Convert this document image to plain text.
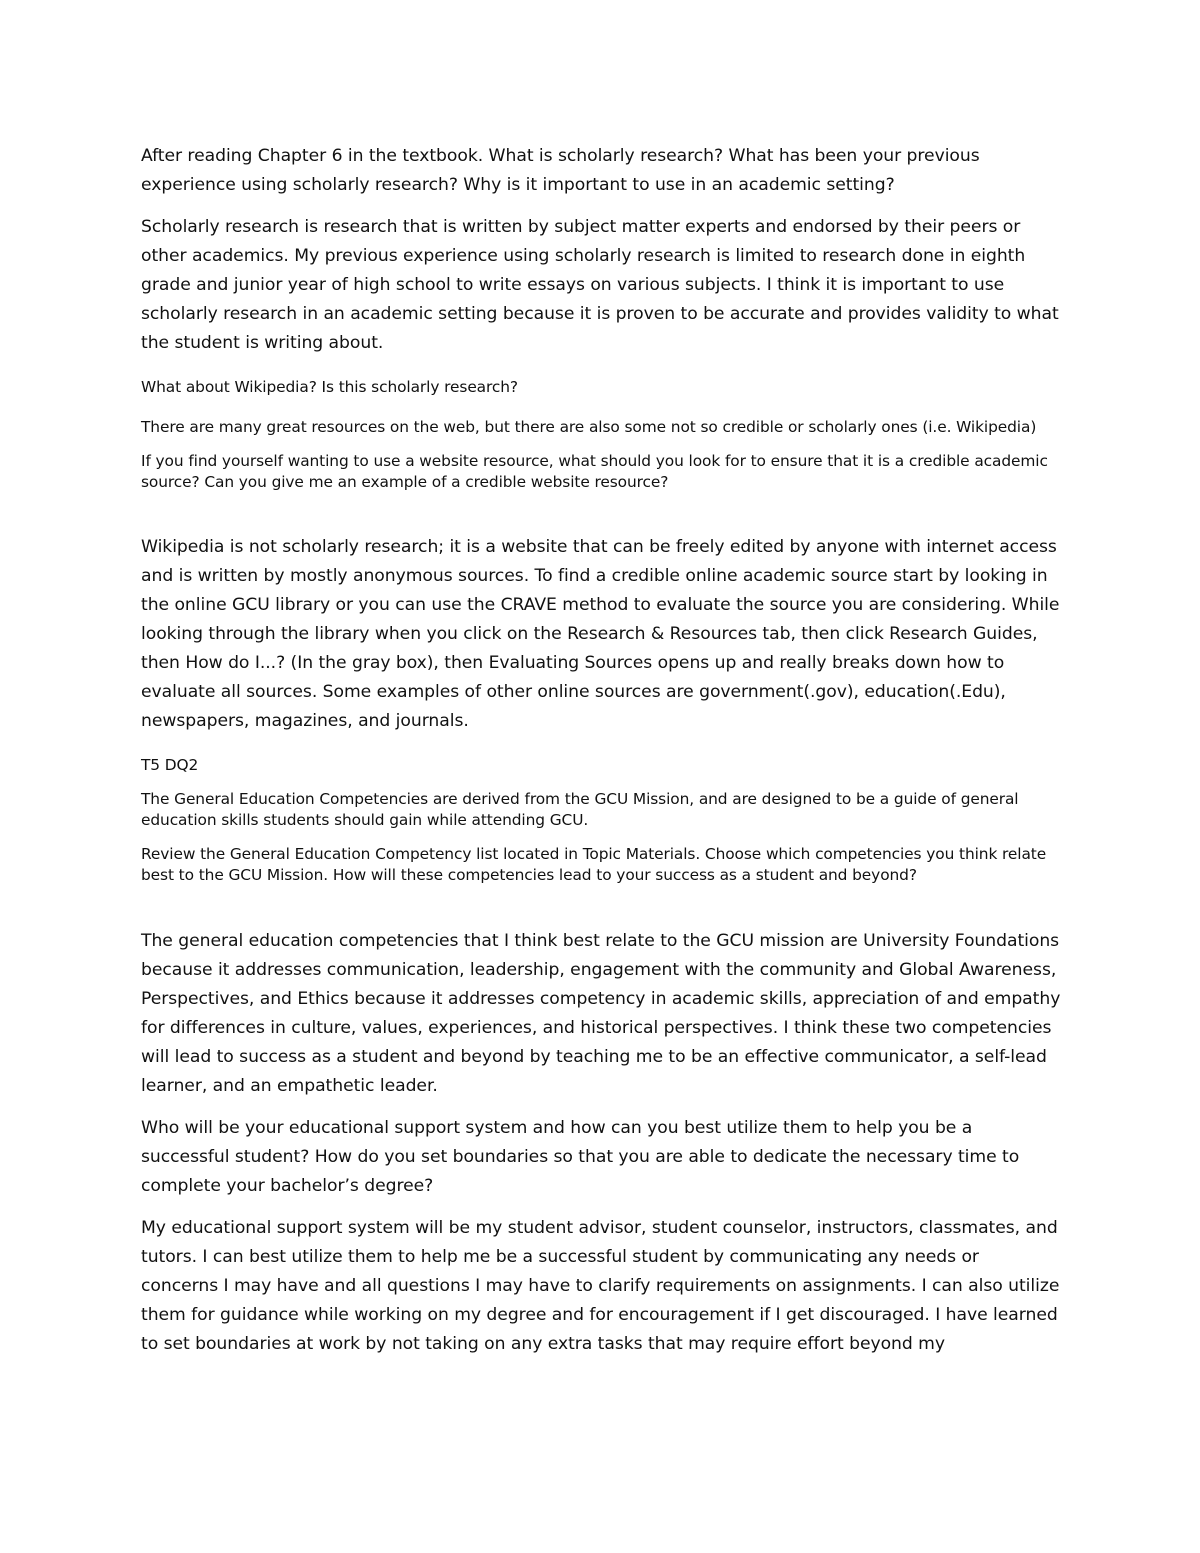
After reading Chapter 6 in the textbook. What is scholarly research? What has been your previous experience using scholarly research? Why is it important to use in an academic setting?

Scholarly research is research that is written by subject matter experts and endorsed by their peers or other academics. My previous experience using scholarly research is limited to research done in eighth grade and junior year of high school to write essays on various subjects. I think it is important to use scholarly research in an academic setting because it is proven to be accurate and provides validity to what the student is writing about.

What about Wikipedia? Is this scholarly research?

There are many great resources on the web, but there are also some not so credible or scholarly ones (i.e. Wikipedia)

If you find yourself wanting to use a website resource, what should you look for to ensure that it is a credible academic source? Can you give me an example of a credible website resource?

Wikipedia is not scholarly research; it is a website that can be freely edited by anyone with internet access and is written by mostly anonymous sources. To find a credible online academic source start by looking in the online GCU library or you can use the CRAVE method to evaluate the source you are considering. While looking through the library when you click on the Research & Resources tab, then click Research Guides, then How do I...? (In the gray box), then Evaluating Sources opens up and really breaks down how to evaluate all sources. Some examples of other online sources are government(.gov), education(.Edu), newspapers, magazines, and journals.

T5 DQ2

The General Education Competencies are derived from the GCU Mission, and are designed to be a guide of general education skills students should gain while attending GCU.

Review the General Education Competency list located in Topic Materials. Choose which competencies you think relate best to the GCU Mission. How will these competencies lead to your success as a student and beyond?

The general education competencies that I think best relate to the GCU mission are University Foundations because it addresses communication, leadership, engagement with the community and Global Awareness, Perspectives, and Ethics because it addresses competency in academic skills, appreciation of and empathy for differences in culture, values, experiences, and historical perspectives. I think these two competencies will lead to success as a student and beyond by teaching me to be an effective communicator, a self-lead learner, and an empathetic leader.

Who will be your educational support system and how can you best utilize them to help you be a successful student? How do you set boundaries so that you are able to dedicate the necessary time to complete your bachelor’s degree?

My educational support system will be my student advisor, student counselor, instructors, classmates, and tutors. I can best utilize them to help me be a successful student by communicating any needs or concerns I may have and all questions I may have to clarify requirements on assignments. I can also utilize them for guidance while working on my degree and for encouragement if I get discouraged. I have learned to set boundaries at work by not taking on any extra tasks that may require effort beyond my
